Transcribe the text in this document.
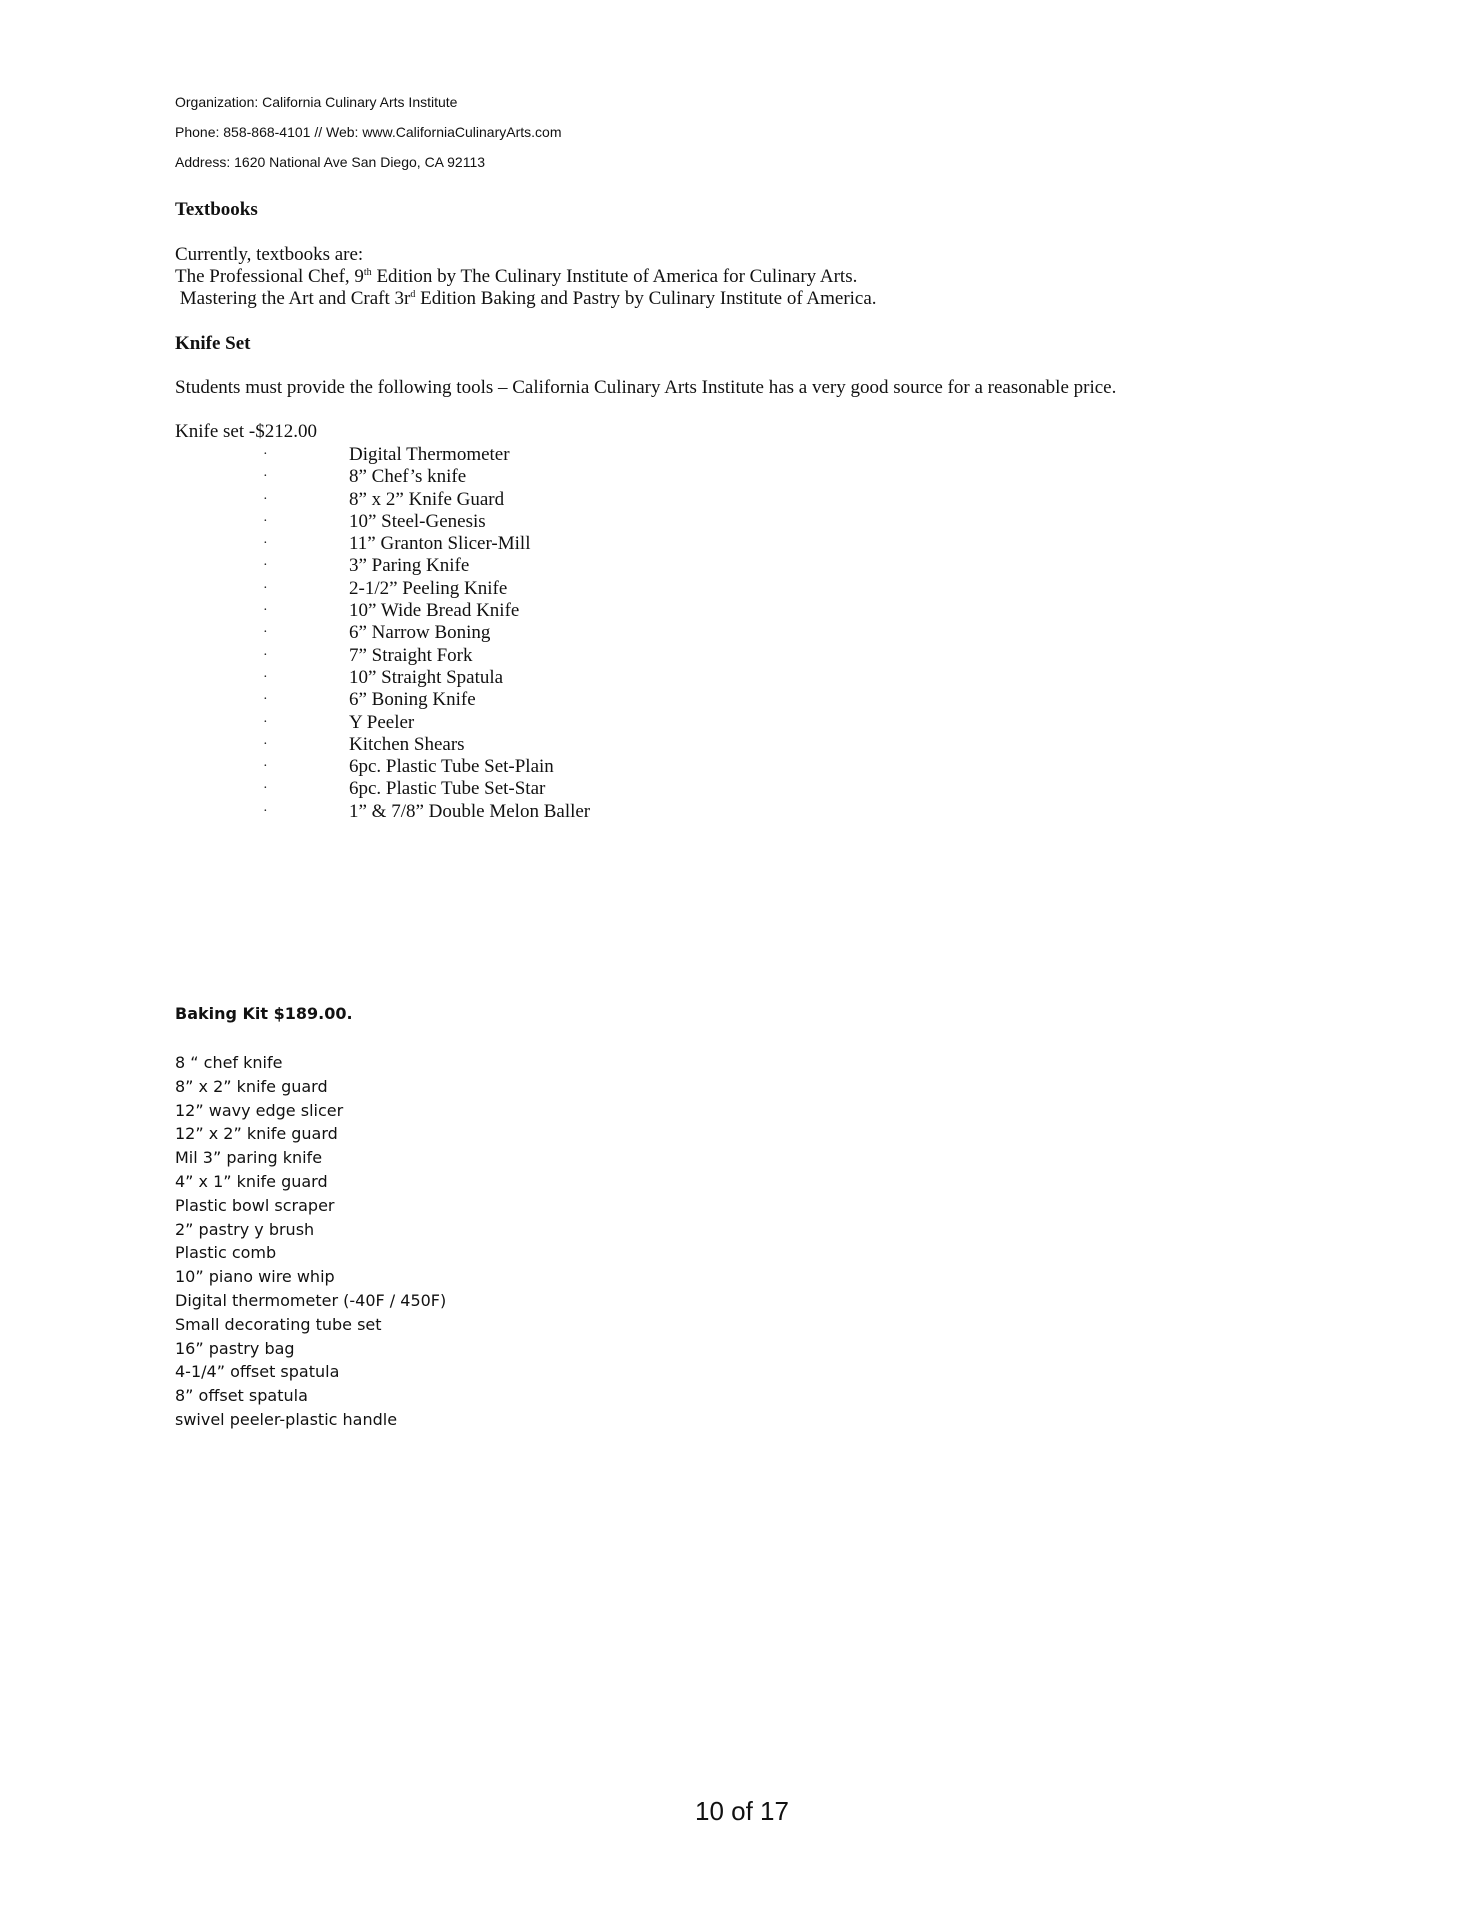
Organization: California Culinary Arts Institute
Phone: 858-868-4101 // Web: www.CaliforniaCulinaryArts.com
Address: 1620 National Ave San Diego, CA 92113
Textbooks
Currently, textbooks are:
The Professional Chef, 9th Edition by The Culinary Institute of America for Culinary Arts.
Mastering the Art and Craft $3r^d$ Edition Baking and Pastry by Culinary Institute of America.
Knife Set
Students must provide the following tools – California Culinary Arts Institute has a very good source for a reasonable price.
Knife set -$212.00
·	Digital Thermometer
·	8” Chef’s knife
·	8” x 2” Knife Guard
·	10” Steel-Genesis
·	11” Granton Slicer-Mill
·	3” Paring Knife
·	2-1/2” Peeling Knife
·	10” Wide Bread Knife
·	6” Narrow Boning
·	7” Straight Fork
·	10” Straight Spatula
·	6” Boning Knife
·	Y Peeler
·	Kitchen Shears
·	6pc. Plastic Tube Set-Plain
·	6pc. Plastic Tube Set-Star
·	1” & 7/8” Double Melon Baller
Baking Kit $189.00.
8 “ chef knife
8” x 2” knife guard
12” wavy edge slicer
12” x 2” knife guard
Mil 3” paring knife
4” x 1” knife guard
Plastic bowl scraper
2” pastry y brush
Plastic comb
10” piano wire whip
Digital thermometer (-40F / 450F)
Small decorating tube set
16” pastry bag
4-1/4” offset spatula
8” offset spatula
swivel peeler-plastic handle
10 of 17
